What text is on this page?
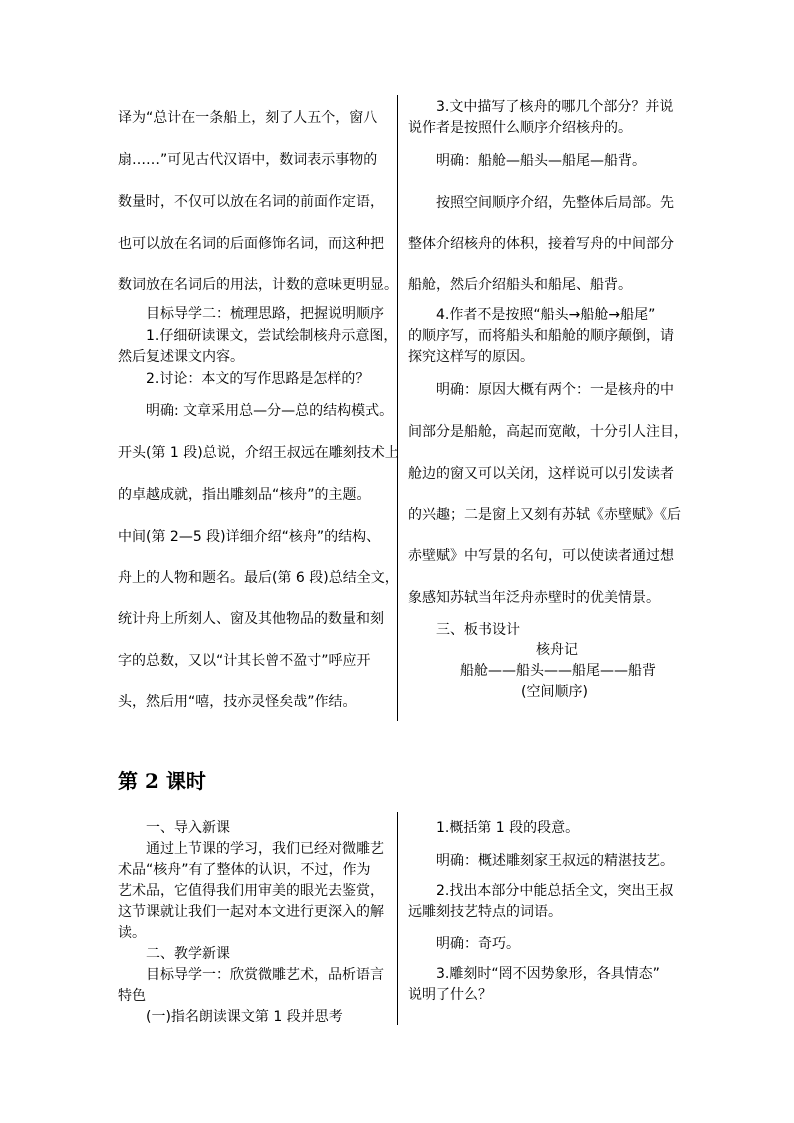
译为“总计在一条船上，刻了人五个，窗八
扇……”可见古代汉语中，数词表示事物的
数量时，不仅可以放在名词的前面作定语，
也可以放在名词的后面修饰名词，而这种把
数词放在名词后的用法，计数的意味更明显。
目标导学二：梳理思路，把握说明顺序
1.仔细研读课文，尝试绘制核舟示意图，
然后复述课文内容。
2.讨论：本文的写作思路是怎样的？
明确: 文章采用总—分—总的结构模式。
开头(第 1 段)总说，介绍王叔远在雕刻技术上
的卓越成就，指出雕刻品“核舟”的主题。
中间(第 2—5 段)详细介绍“核舟”的结构、
舟上的人物和题名。最后(第 6 段)总结全文，
统计舟上所刻人、窗及其他物品的数量和刻
字的总数，又以“计其长曾不盈寸”呼应开
头，然后用“嘻，技亦灵怪矣哉”作结。
3.文中描写了核舟的哪几个部分？并说
说作者是按照什么顺序介绍核舟的。
明确：船舱—船头—船尾—船背。
按照空间顺序介绍，先整体后局部。先
整体介绍核舟的体积，接着写舟的中间部分
船舱，然后介绍船头和船尾、船背。
4.作者不是按照“船头→船舱→船尾”
的顺序写，而将船头和船舱的顺序颠倒，请
探究这样写的原因。
明确：原因大概有两个：一是核舟的中
间部分是船舱，高起而宽敞，十分引人注目，
舱边的窗又可以关闭，这样说可以引发读者
的兴趣；二是窗上又刻有苏轼《赤壁赋》《后
赤壁赋》中写景的名句，可以使读者通过想
象感知苏轼当年泛舟赤壁时的优美情景。
三、板书设计
核舟记
船舱——船头——船尾——船背
(空间顺序)
第 2 课时
一、导入新课
通过上节课的学习，我们已经对微雕艺
术品“核舟”有了整体的认识，不过，作为
艺术品，它值得我们用审美的眼光去鉴赏，
这节课就让我们一起对本文进行更深入的解
读。
二、教学新课
目标导学一：欣赏微雕艺术，品析语言
特色
(一)指名朗读课文第 1 段并思考
1.概括第 1 段的段意。
明确：概述雕刻家王叔远的精湛技艺。
2.找出本部分中能总括全文，突出王叔
远雕刻技艺特点的词语。
明确：奇巧。
3.雕刻时“罔不因势象形，各具情态”
说明了什么？
